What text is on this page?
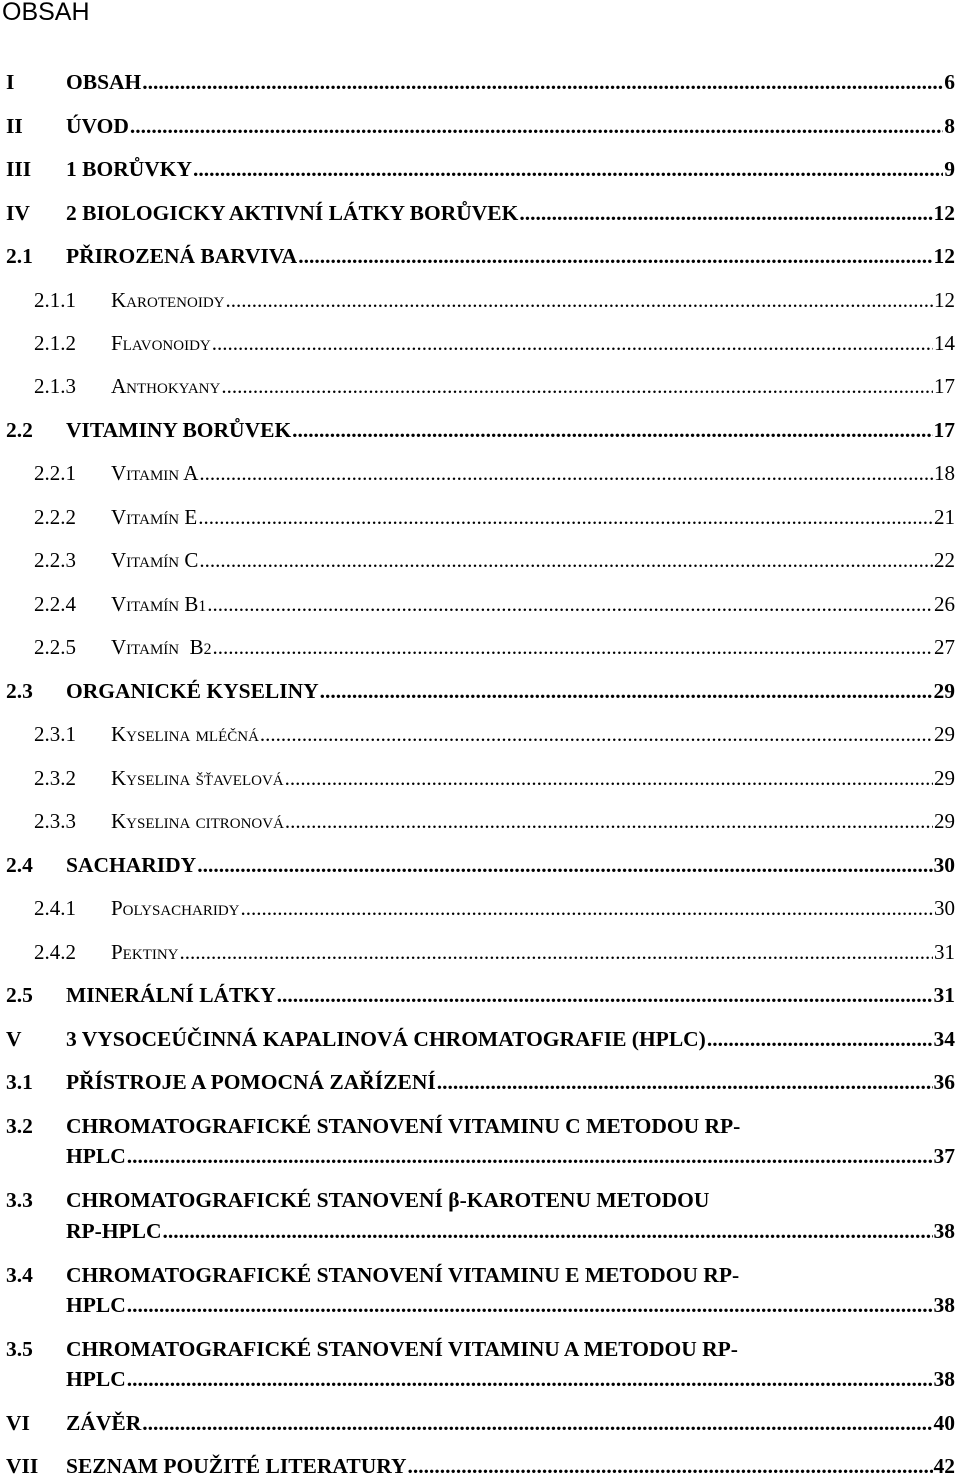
OBSAH
I OBSAH .....	6
II ÚVOD .....	8
III 1 BORŮVKY .....	9
IV 2 BIOLOGICKY AKTIVNÍ LÁTKY BORŮVEK .....	12
2.1 PŘIROZENÁ BARVIVA .....	12
2.1.1 Karotenoidy .....	12
2.1.2 Flavonoidy .....	14
2.1.3 Anthokyany .....	17
2.2 VITAMINY BORŮVEK .....	17
2.2.1 Vitamin A .....	18
2.2.2 Vitamín E .....	21
2.2.3 Vitamín C .....	22
2.2.4 Vitamín B 1 .....	26
2.2.5 Vitamín  B 2 .....	27
2.3 ORGANICKÉ KYSELINY .....	29
2.3.1 Kyselina mléčná .....	29
2.3.2 Kyselina šťavelová .....	29
2.3.3 Kyselina citronová .....	29
2.4 SACHARIDY .....	30
2.4.1 Polysacharidy .....	30
2.4.2 Pektiny .....	31
2.5 MINERÁLNÍ LÁTKY .....	31
V 3 VYSOCEÚČINNÁ KAPALINOVÁ CHROMATOGRAFIE (HPLC) .....	34
3.1 PŘÍSTROJE A POMOCNÁ ZAŘÍZENÍ .....	36
3.2 CHROMATOGRAFICKÉ STANOVENÍ VITAMINU C METODOU RP-
HPLC .....	37
3.3 CHROMATOGRAFICKÉ STANOVENÍ β-KAROTENU METODOU
RP-HPLC .....	38
3.4 CHROMATOGRAFICKÉ STANOVENÍ VITAMINU E METODOU RP-
HPLC .....	38
3.5 CHROMATOGRAFICKÉ STANOVENÍ VITAMINU A METODOU RP-
HPLC .....	38
VI ZÁVĚR .....	40
VII SEZNAM POUŽITÉ LITERATURY .....	42
